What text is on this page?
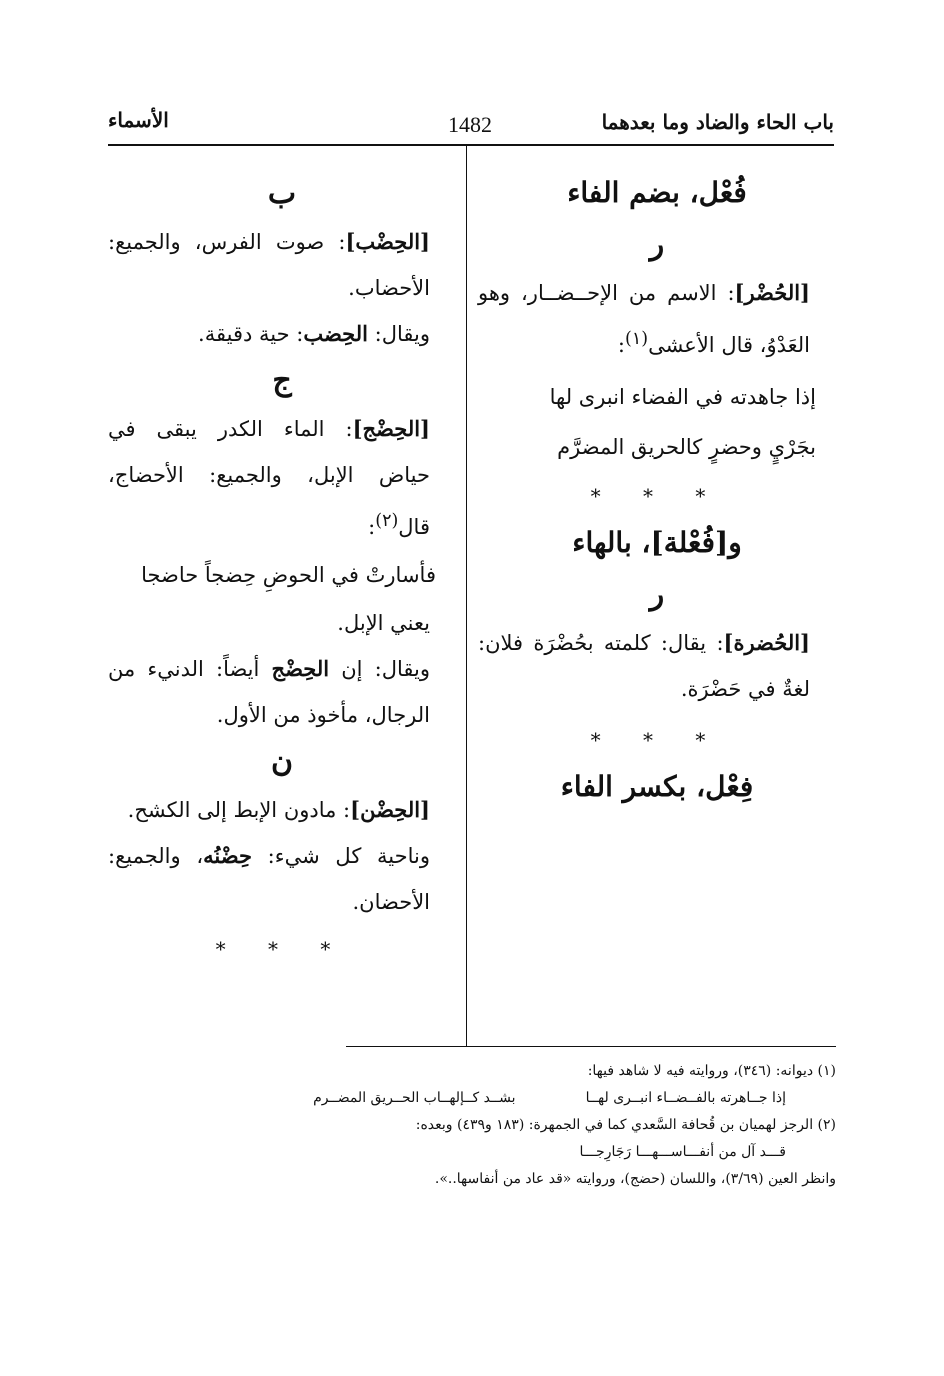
باب الحاء والضاد وما بعدهما
1482
الأسماء
فُعْل، بضم الفاء
ر

[الحُضْر]: الاسم من الإحــضــار، وهو العَدْوُ، قال الأعشى$^{(١)}$:

إذا جاهدته في الفضاء انبرى لها

بجَرْيٍ وحضرٍ كالحريق المضرَّم

* * *
و[فُعْلة]، بالهاء
ر

[الحُضرة]: يقال: كلمته بحُضْرَة فلان: لغةٌ في حَضْرَة.

* * *
فِعْل، بكسر الفاء
ب

[الحِضْب]: صوت الفرس، والجميع: الأحضاب.

ويقال: الحِضب: حية دقيقة.

ج

[الحِضْج]: الماء الكدر يبقى في حياض الإبل، والجميع: الأحضاج، قال$^{(٢)}$:

فأسارتْ في الحوضِ حِضجاً حاضجا

يعني الإبل.

ويقال: إن الحِضْج أيضاً: الدنيء من الرجال، مأخوذ من الأول.

ن

[الحِضْن]: مادون الإبط إلى الكشح.

وناحية كل شيء: حِضْنُه، والجميع: الأحضان.

* * *

(١) ديوانه: (٣٤٦)، وروايته فيه لا شاهد فيها:

إذا جــاهرته بالفــضــاء انبــرى لهــابشــد كــإلهــاب الحــريق المضــرم

(٢) الرجز لهميان بن قُحافة السَّعدي كما في الجمهرة: (١٨٣ و٤٣٩) وبعده:

قـــد آل من أنفـــاســـهـــا رَجَارِجـــا

وانظر العين (٣/٦٩)، واللسان (حضج)، وروايته «قد عاد من أنفاسها..».
